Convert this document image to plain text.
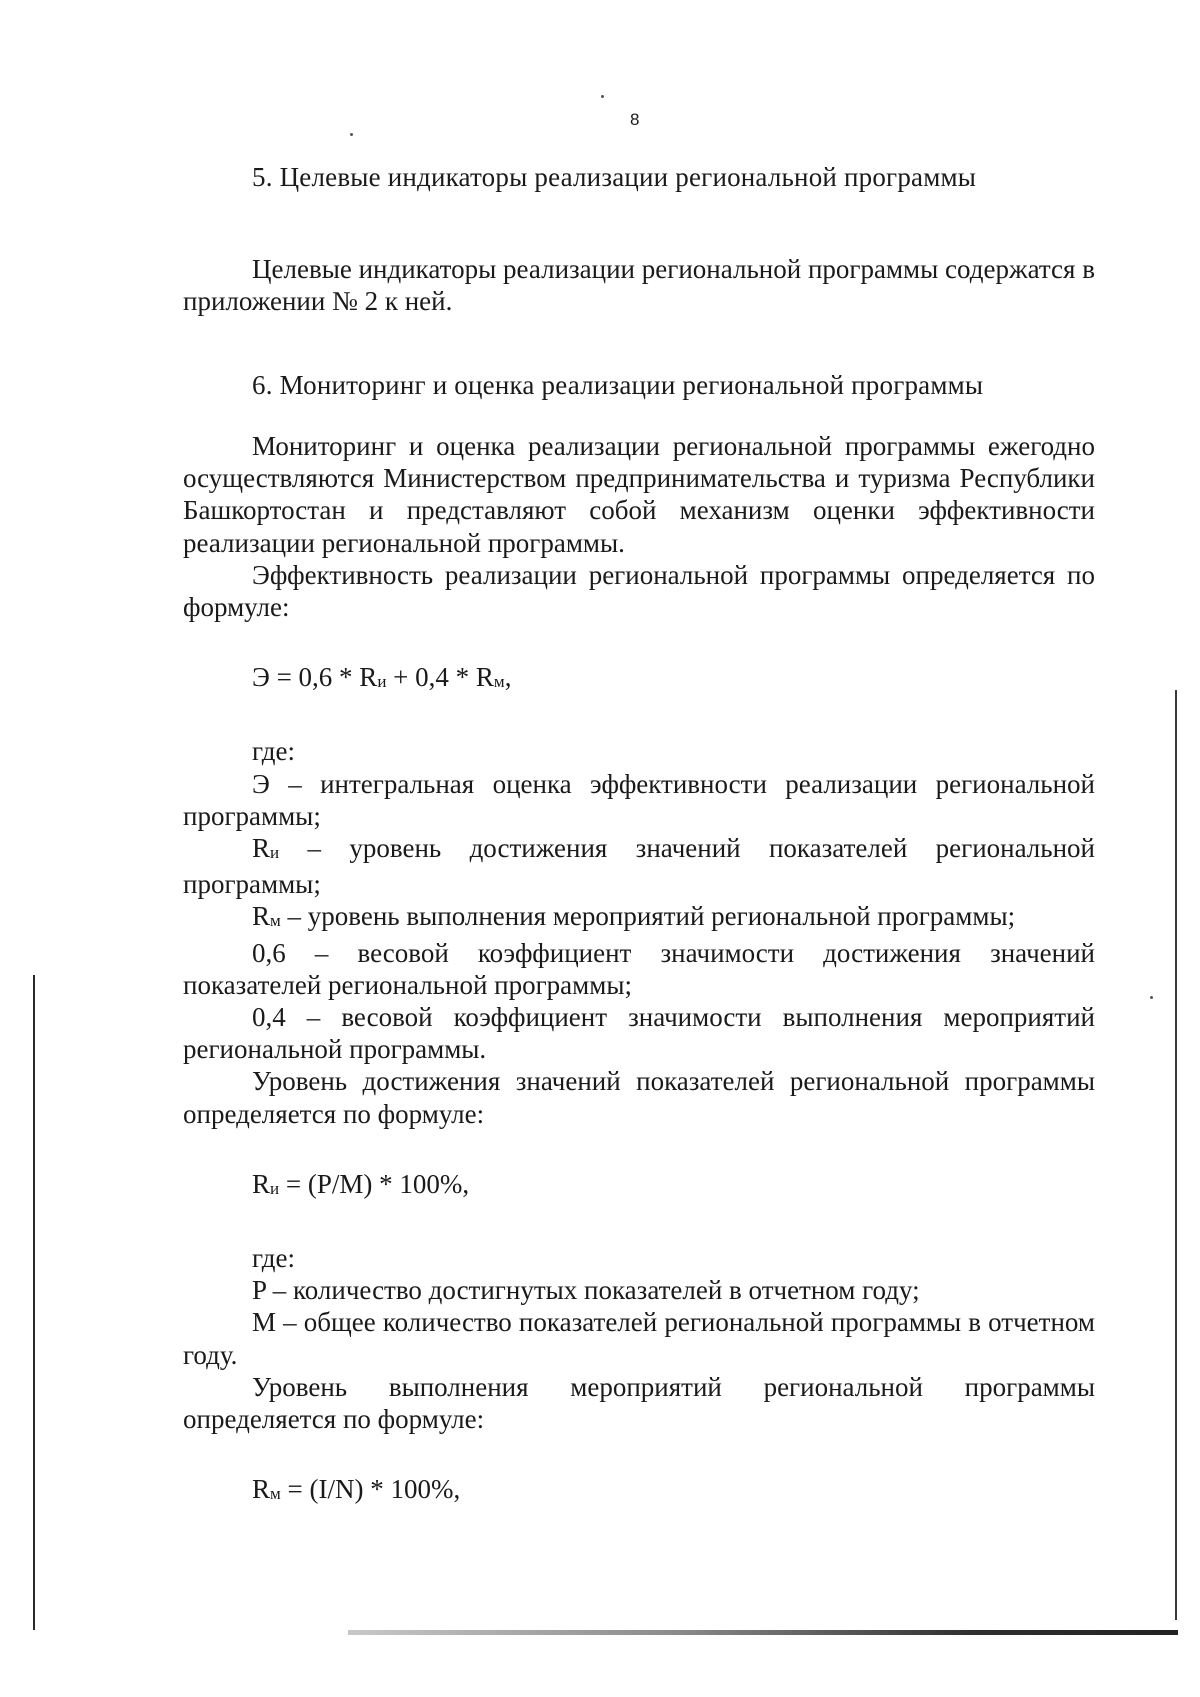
8
5. Целевые индикаторы реализации региональной программы

Целевые индикаторы реализации региональной программы содержатся в приложении № 2 к ней.

6. Мониторинг и оценка реализации региональной программы

Мониторинг и оценка реализации региональной программы ежегодно осуществляются Министерством предпринимательства и туризма Республики Башкортостан и представляют собой механизм оценки эффективности реализации региональной программы.

Эффективность реализации региональной программы определяется по формуле:

Э = 0,6 * Rи + 0,4 * Rм,

где:

Э – интегральная оценка эффективности реализации региональной программы;

Rи – уровень достижения значений показателей региональной программы;

Rм – уровень выполнения мероприятий региональной программы;

0,6 – весовой коэффициент значимости достижения значений показателей региональной программы;

0,4 – весовой коэффициент значимости выполнения мероприятий региональной программы.

Уровень достижения значений показателей региональной программы определяется по формуле:

Rи = (P/M) * 100%,

где:

P – количество достигнутых показателей в отчетном году;

M – общее количество показателей региональной программы в отчетном году.

Уровень выполнения мероприятий региональной программы определяется по формуле:

Rм = (I/N) * 100%,
